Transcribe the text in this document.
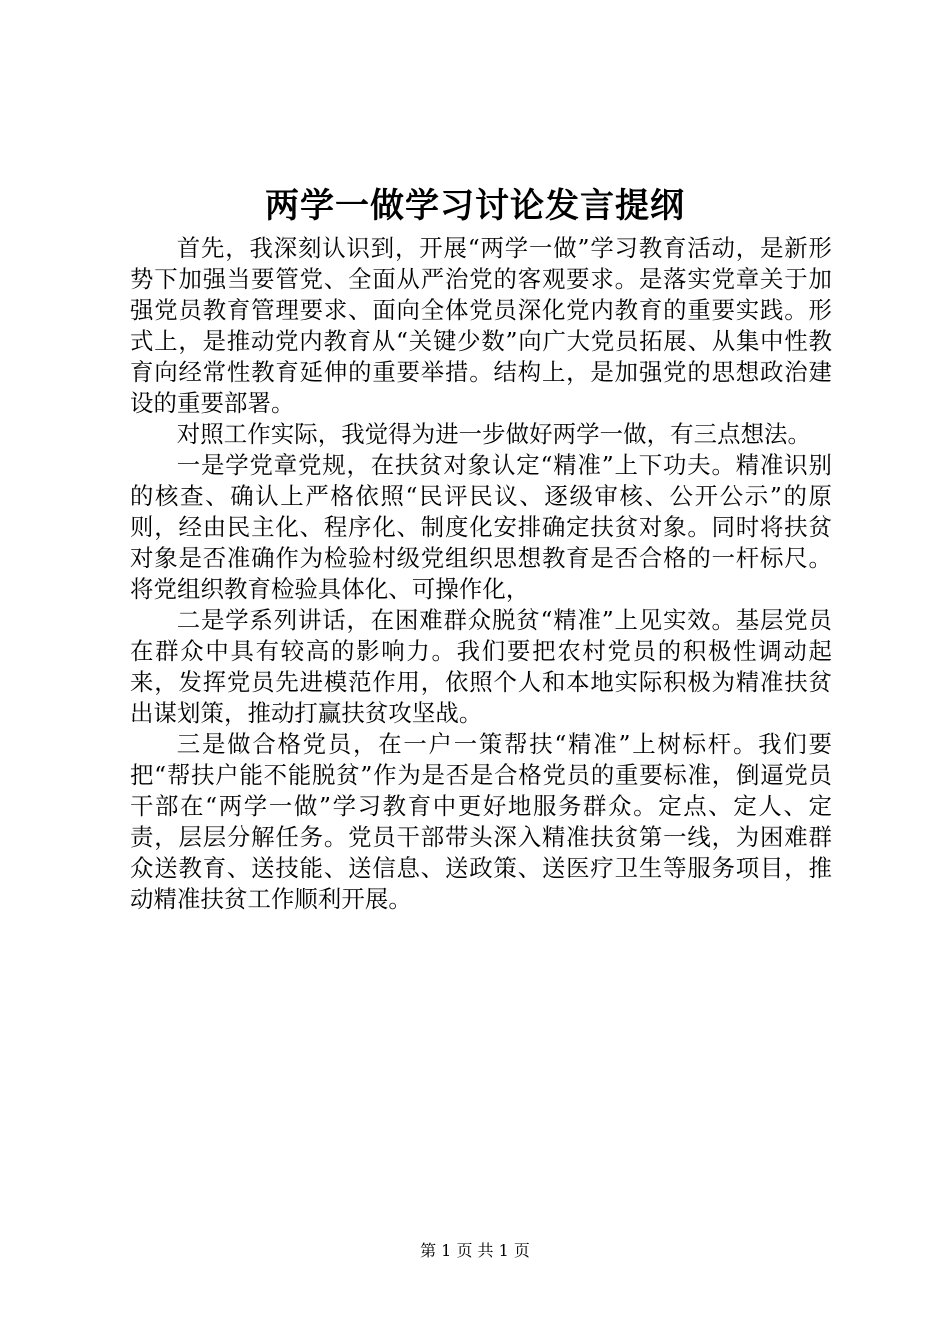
两学一做学习讨论发言提纲

首先，我深刻认识到，开展“两学一做”学习教育活动，是新形势下加强当要管党、全面从严治党的客观要求。是落实党章关于加强党员教育管理要求、面向全体党员深化党内教育的重要实践。形式上，是推动党内教育从“关键少数”向广大党员拓展、从集中性教育向经常性教育延伸的重要举措。结构上，是加强党的思想政治建设的重要部署。

对照工作实际，我觉得为进一步做好两学一做，有三点想法。

一是学党章党规，在扶贫对象认定“精准”上下功夫。精准识别的核查、确认上严格依照“民评民议、逐级审核、公开公示”的原则，经由民主化、程序化、制度化安排确定扶贫对象。同时将扶贫对象是否准确作为检验村级党组织思想教育是否合格的一杆标尺。将党组织教育检验具体化、可操作化，

二是学系列讲话，在困难群众脱贫“精准”上见实效。基层党员在群众中具有较高的影响力。我们要把农村党员的积极性调动起来，发挥党员先进模范作用，依照个人和本地实际积极为精准扶贫出谋划策，推动打赢扶贫攻坚战。

三是做合格党员，在一户一策帮扶“精准”上树标杆。我们要把“帮扶户能不能脱贫”作为是否是合格党员的重要标准，倒逼党员干部在“两学一做”学习教育中更好地服务群众。定点、定人、定责，层层分解任务。党员干部带头深入精准扶贫第一线，为困难群众送教育、送技能、送信息、送政策、送医疗卫生等服务项目，推动精准扶贫工作顺利开展。

第 1 页 共 1 页
